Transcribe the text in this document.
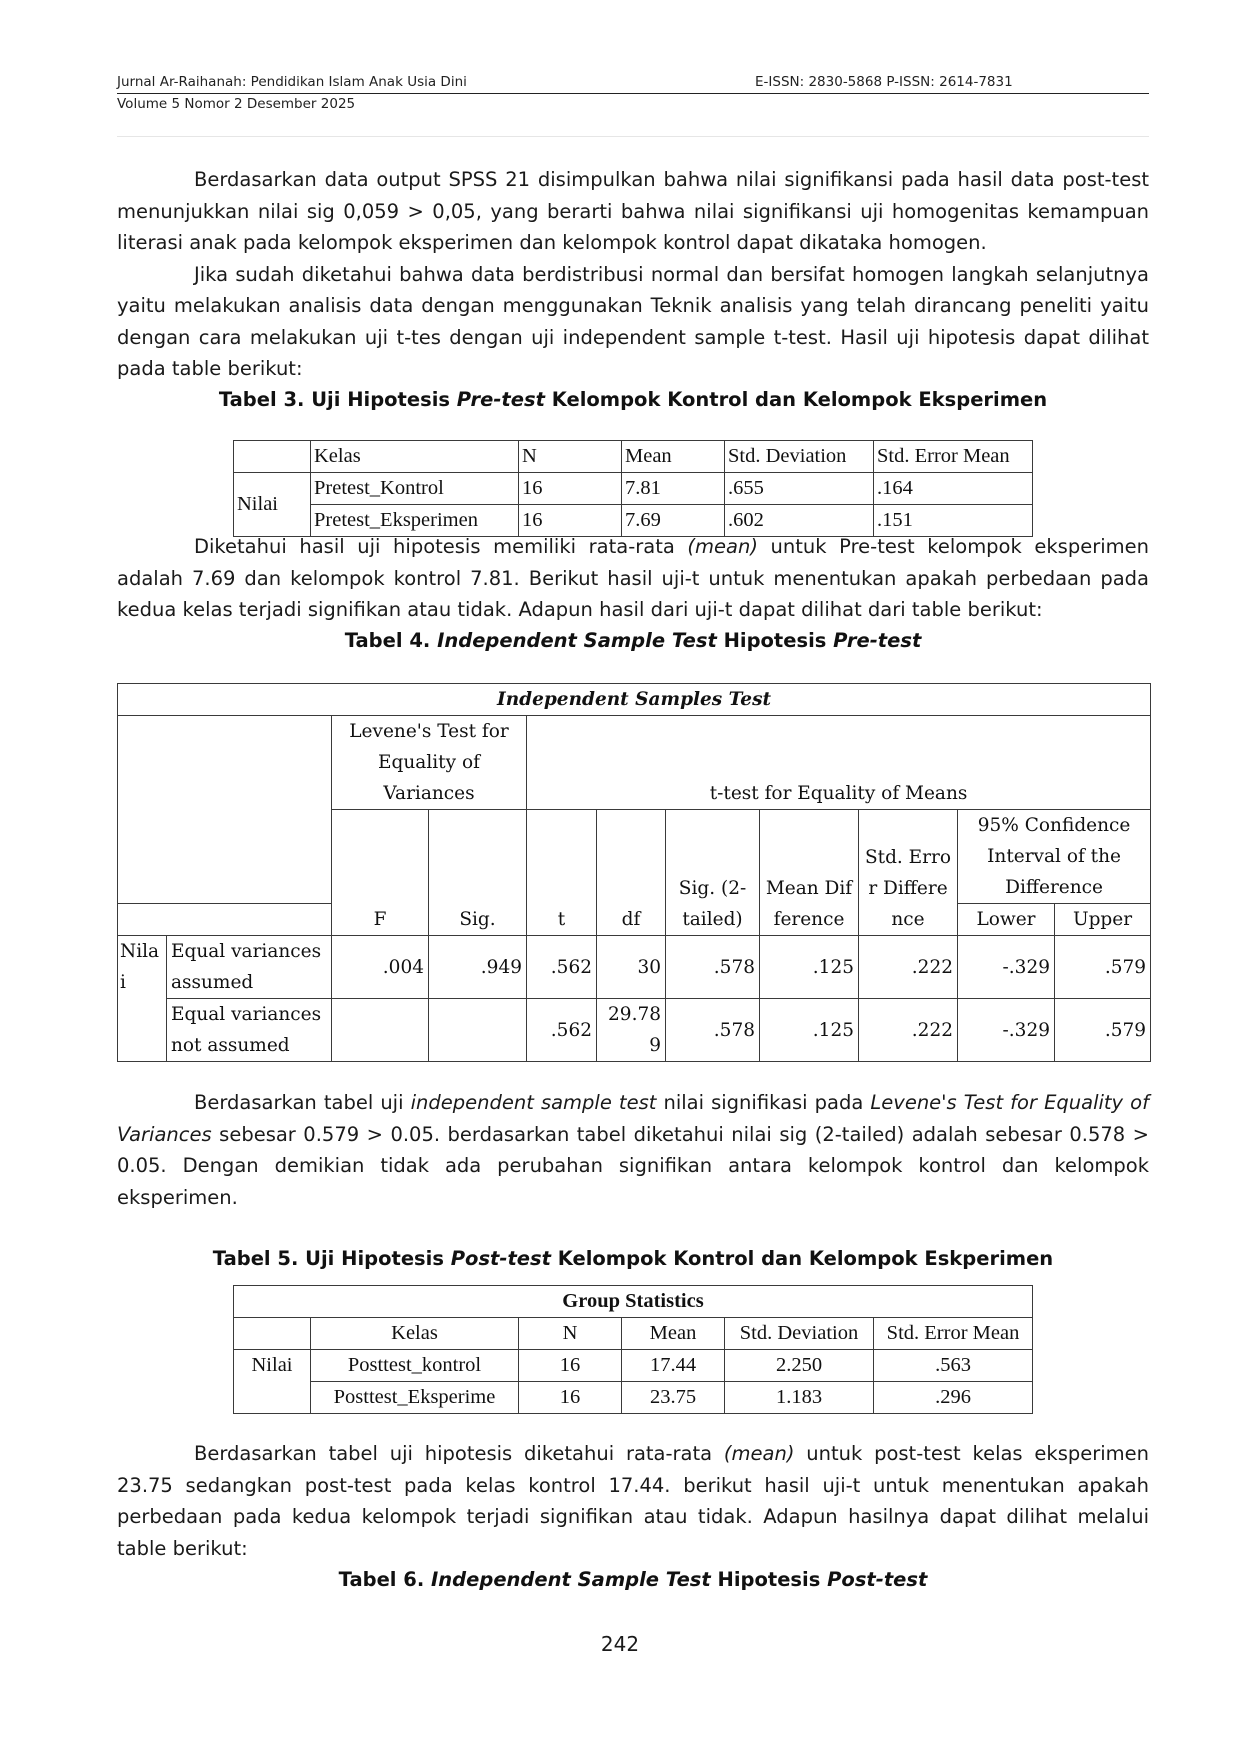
Jurnal Ar-Raihanah: Pendidikan Islam Anak Usia Dini	E-ISSN: 2830-5868 P-ISSN: 2614-7831
Volume 5 Nomor 2 Desember 2025

Berdasarkan data output SPSS 21 disimpulkan bahwa nilai signifikansi pada hasil data post-test menunjukkan nilai sig 0,059 > 0,05, yang berarti bahwa nilai signifikansi uji homogenitas kemampuan literasi anak pada kelompok eksperimen dan kelompok kontrol dapat dikataka homogen.

Jika sudah diketahui bahwa data berdistribusi normal dan bersifat homogen langkah selanjutnya yaitu melakukan analisis data dengan menggunakan Teknik analisis yang telah dirancang peneliti yaitu dengan cara melakukan uji t-tes dengan uji independent sample t-test. Hasil uji hipotesis dapat dilihat pada table berikut:

Tabel 3. Uji Hipotesis Pre-test Kelompok Kontrol dan Kelompok Eksperimen
	Kelas	N	Mean	Std. Deviation	Std. Error Mean
Nilai	Pretest_Kontrol	16	7.81	.655	.164
	Pretest_Eksperimen	16	7.69	.602	.151

Diketahui hasil uji hipotesis memiliki rata-rata (mean) untuk Pre-test kelompok eksperimen adalah 7.69 dan kelompok kontrol 7.81. Berikut hasil uji-t untuk menentukan apakah perbedaan pada kedua kelas terjadi signifikan atau tidak. Adapun hasil dari uji-t dapat dilihat dari table berikut:

Tabel 4. Independent Sample Test Hipotesis Pre-test
Independent Samples Test										
		Levene's Test for Equality of Variances		t-test for Equality of Means						
		F	Sig.	t	df	Sig. (2-tailed)	Mean Difference	Std. Error Difference	95% Confidence Interval of the Difference	
									Lower	Upper
Nilai	Equal variances assumed	.004	.949	.562	30	.578	.125	.222	-.329	.579
	Equal variances not assumed			.562	29.789	.578	.125	.222	-.329	.579

Berdasarkan tabel uji independent sample test nilai signifikasi pada Levene's Test for Equality of Variances sebesar 0.579 > 0.05. berdasarkan tabel diketahui nilai sig (2-tailed) adalah sebesar 0.578 > 0.05. Dengan demikian tidak ada perubahan signifikan antara kelompok kontrol dan kelompok eksperimen.

Tabel 5. Uji Hipotesis Post-test Kelompok Kontrol dan Kelompok Eskperimen
Group Statistics					
	Kelas	N	Mean	Std. Deviation	Std. Error Mean
Nilai	Posttest_kontrol	16	17.44	2.250	.563
	Posttest_Eksperime	16	23.75	1.183	.296

Berdasarkan tabel uji hipotesis diketahui rata-rata (mean) untuk post-test kelas eksperimen 23.75 sedangkan post-test pada kelas kontrol 17.44. berikut hasil uji-t untuk menentukan apakah perbedaan pada kedua kelompok terjadi signifikan atau tidak. Adapun hasilnya dapat dilihat melalui table berikut:

Tabel 6. Independent Sample Test Hipotesis Post-test
242
